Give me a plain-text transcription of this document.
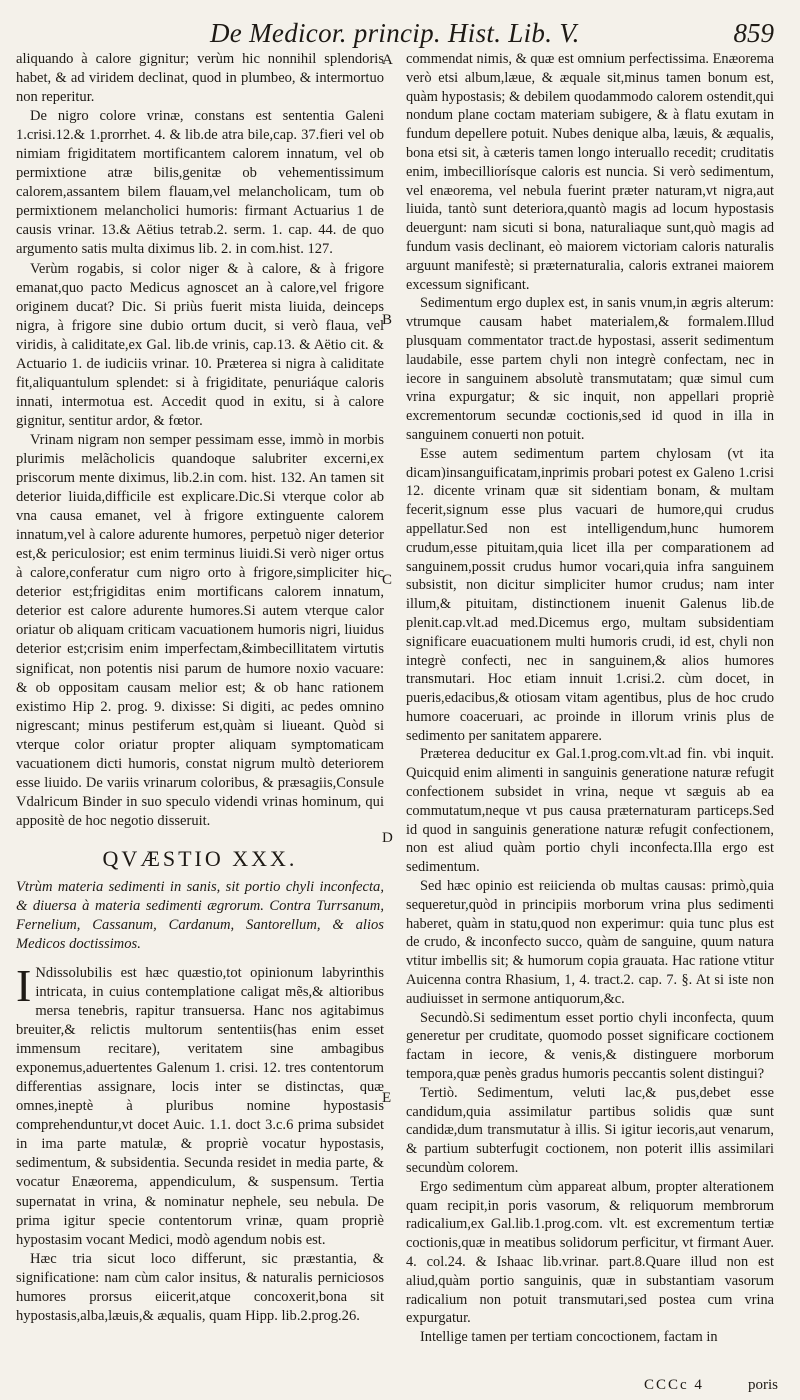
De Medicor. princip. Hist. Lib. V.	859

aliquando à calore gignitur; verùm hic nonnihil splendoris habet, & ad viridem declinat, quod in plumbeo, & intermortuo non reperitur.

De nigro colore vrinæ, constans est sententia Galeni 1.crisi.12.& 1.prorrhet. 4. & lib.de atra bile,cap. 37.fieri vel ob nimiam frigiditatem mortificantem calorem innatum, vel ob permixtione atræ bilis,genitæ ob vehementissimum calorem,assantem bilem flauam,vel melancholicam, tum ob permixtionem melancholici humoris: firmant Actuarius 1 de causis vrinar. 13.& Aëtius tetrab.2. serm. 1. cap. 44. de quo argumento satis multa diximus lib. 2. in com.hist. 127.

Verùm rogabis, si color niger & à calore, & à frigore emanat,quo pacto Medicus agnoscet an à calore,vel frigore originem ducat? Dic. Si priùs fuerit mista liuida, deinceps nigra, à frigore sine dubio ortum ducit, si verò flaua, vel viridis, à caliditate,ex Gal. lib.de vrinis, cap.13. & Aëtio cit. & Actuario 1. de iudiciis vrinar. 10. Præterea si nigra à caliditate fit,aliquantulum splendet: si à frigiditate, penuriáque caloris innati, intermotua est. Accedit quod in exitu, si à calore gignitur, sentitur ardor, & fœtor.

Vrinam nigram non semper pessimam esse, immò in morbis plurimis melãcholicis quandoque salubriter excerni,ex priscorum mente diximus, lib.2.in com. hist. 132. An tamen sit deterior liuida,difficile est explicare.Dic.Si vterque color ab vna causa emanet, vel à frigore extinguente calorem innatum,vel à calore adurente humores, perpetuò niger deterior est,& periculosior; est enim terminus liuidi.Si verò niger ortus à calore,conferatur cum nigro orto à frigore,simpliciter hic deterior est;frigiditas enim mortificans calorem innatum, deterior est calore adurente humores.Si autem vterque calor oriatur ob aliquam criticam vacuationem humoris nigri, liuidus deterior est;crisim enim imperfectam,&imbecillitatem virtutis significat, non potentis nisi parum de humore noxio vacuare: & ob oppositam causam melior est; & ob hanc rationem existimo Hip 2. prog. 9. dixisse: Si digiti, ac pedes omnino nigrescant; minus pestiferum est,quàm si liueant. Quòd si vterque color oriatur propter aliquam symptomaticam vacuationem dicti humoris, constat nigrum multò deteriorem esse liuido. De variis vrinarum coloribus, & præsagiis,Consule Vdalricum Binder in suo speculo videndi vrinas hominum, qui appositè de hoc negotio disseruit.

QVÆSTIO XXX.
Vtrùm materia sedimenti in sanis, sit portio chyli inconfecta, & diuersa à materia sedimenti ægrorum. Contra Turrsanum, Fernelium, Cassanum, Cardanum, Santorellum, & alios Medicos doctissimos.

I Ndissolubilis est hæc quæstio,tot opinionum labyrinthis intricata, in cuius contemplatione caligat mẽs,& altioribus mersa tenebris, rapitur transuersa. Hanc nos agitabimus breuiter,& relictis multorum sententiis(has enim esset immensum recitare), veritatem sine ambagibus exponemus,aduertentes Galenum 1. crisi. 12. tres contentorum differentias assignare, locis inter se distinctas, quæ omnes,ineptè à pluribus nomine hypostasis comprehenduntur,vt docet Auic. 1.1. doct 3.c.6 prima subsidet in ima parte matulæ, & propriè vocatur hypostasis, sedimentum, & subsidentia. Secunda residet in media parte, & vocatur Enæorema, appendiculum, & suspensum. Tertia supernatat in vrina, & nominatur nephele, seu nebula. De prima igitur specie contentorum vrinæ, quam propriè hypostasim vocant Medici, modò agendum nobis est.

Hæc tria sicut loco differunt, sic præstantia, & significatione: nam cùm calor insitus, & naturalis perniciosos humores prorsus eiicerit,atque concoxerit,bona sit hypostasis,alba,læuis,& æqualis, quam Hipp. lib.2.prog.26.

A
B
C
D
E

commendat nimis, & quæ est omnium perfectissima. Enæorema verò etsi album,læue, & æquale sit,minus tamen bonum est, quàm hypostasis; & debilem quodammodo calorem ostendit,qui nondum plane coctam materiam subigere, & à flatu exutam in fundum depellere potuit. Nubes denique alba, læuis, & æqualis, bona etsi sit, à cæteris tamen longo interuallo recedit; cruditatis enim, imbecilliorísque caloris est nuncia. Si verò sedimentum, vel enæorema, vel nebula fuerint præter naturam,vt nigra,aut liuida, tantò sunt deteriora,quantò magis ad locum hypostasis deuergunt: nam sicuti si bona, naturaliaque sunt,quò magis ad fundum vasis declinant, eò maiorem victoriam caloris naturalis arguunt manifestè; si præternaturalia, caloris extranei maiorem excessum significant.

Sedimentum ergo duplex est, in sanis vnum,in ægris alterum: vtrumque causam habet materialem,& formalem.Illud plusquam commentator tract.de hypostasi, asserit sedimentum laudabile, esse partem chyli non integrè confectam, nec in iecore in sanguinem absolutè transmutatam; quæ simul cum vrina expurgatur; & sic inquit, non appellari propriè excrementorum secundæ coctionis,sed id quod in illa in sanguinem conuerti non potuit.

Esse autem sedimentum partem chylosam (vt ita dicam)insanguificatam,inprimis probari potest ex Galeno 1.crisi 12. dicente vrinam quæ sit sidentiam bonam, & multam fecerit,signum esse plus vacuari de humore,qui crudus appellatur.Sed non est intelligendum,hunc humorem crudum,esse pituitam,quia licet illa per comparationem ad sanguinem,possit crudus humor vocari,quia infra sanguinem subsistit, non dicitur simpliciter humor crudus; nam inter illum,& pituitam, distinctionem inuenit Galenus lib.de plenit.cap.vlt.ad med.Dicemus ergo, multam subsidentiam significare euacuationem multi humoris crudi, id est, chyli non integrè confecti, nec in sanguinem,& alios humores transmutari. Hoc etiam innuit 1.crisi.2. cùm docet, in pueris,edacibus,& otiosam vitam agentibus, plus de hoc crudo humore coaceruari, ac proinde in illorum vrinis plus de sedimento per sanitatem apparere.

Præterea deducitur ex Gal.1.prog.com.vlt.ad fin. vbi inquit. Quicquid enim alimenti in sanguinis generatione naturæ refugit confectionem subsidet in vrina, neque vt sæguis ab ea commutatum,neque vt pus causa præternaturam particeps.Sed id quod in sanguinis generatione naturæ refugit confectionem, non est aliud quàm portio chyli inconfecta.Illa ergo est sedimentum.

Sed hæc opinio est reiicienda ob multas causas: primò,quia sequeretur,quòd in principiis morborum vrina plus sedimenti haberet, quàm in statu,quod non experimur: quia tunc plus est de crudo, & inconfecto succo, quàm de sanguine, quum natura vtitur imbellis sit; & humorum copia grauata. Hac ratione vtitur Auicenna contra Rhasium, 1, 4. tract.2. cap. 7. §. At si iste non audiuisset in sermone antiquorum,&c.

Secundò.Si sedimentum esset portio chyli inconfecta, quum generetur per cruditate, quomodo posset significare coctionem factam in iecore, & venis,& distinguere morborum tempora,quæ penès gradus humoris peccantis solent distingui?

Tertiò. Sedimentum, veluti lac,& pus,debet esse candidum,quia assimilatur partibus solidis quæ sunt candidæ,dum transmutatur à illis. Si igitur iecoris,aut venarum, & partium subterfugit coctionem, non poterit illis assimilari secundùm colorem.

Ergo sedimentum cùm appareat album, propter alterationem quam recipit,in poris vasorum, & reliquorum membrorum radicalium,ex Gal.lib.1.prog.com. vlt. est excrementum tertiæ coctionis,quæ in meatibus solidorum perficitur, vt firmant Auer. 4. col.24. & Ishaac lib.vrinar. part.8.Quare illud non est aliud,quàm portio sanguinis, quæ in substantiam vasorum radicalium non potuit transmutari,sed postea cum vrina expurgatur.

Intellige tamen per tertiam concoctionem, factam in

CCCc 4	poris
